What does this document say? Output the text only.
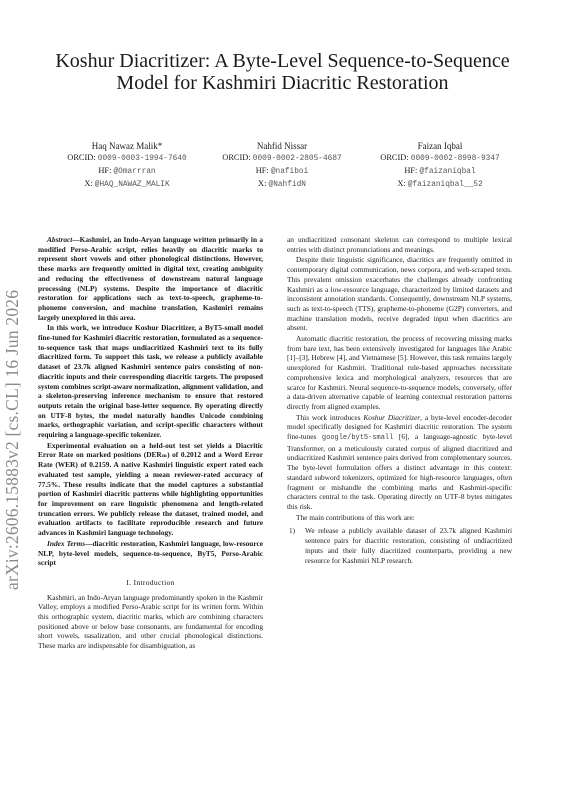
arXiv:2606.15883v2 [cs.CL] 16 Jun 2026
Koshur Diacritizer: A Byte-Level Sequence-to-Sequence Model for Kashmiri Diacritic Restoration
Haq Nawaz Malik*
ORCID: 0009-0003-1994-7640
HF: @Omarrran
X: @HAQ_NAWAZ_MALIK
Nahfid Nissar
ORCID: 0009-0002-2805-4687
HF: @nafiboi
X: @NahfidN
Faizan Iqbal
ORCID: 0009-0002-8998-9347
HF: @faizaniqbal
X: @faizaniqbal__52

Abstract—Kashmiri, an Indo-Aryan language written primarily in a modified Perso-Arabic script, relies heavily on diacritic marks to represent short vowels and other phonological distinctions. However, these marks are frequently omitted in digital text, creating ambiguity and reducing the effectiveness of downstream natural language processing (NLP) systems. Despite the importance of diacritic restoration for applications such as text-to-speech, grapheme-to-phoneme conversion, and machine translation, Kashmiri remains largely unexplored in this area.

In this work, we introduce Koshur Diacritizer, a ByT5-small model fine-tuned for Kashmiri diacritic restoration, formulated as a sequence-to-sequence task that maps undiacritized Kashmiri text to its fully diacritized form. To support this task, we release a publicly available dataset of 23.7k aligned Kashmiri sentence pairs consisting of non-diacritic inputs and their corresponding diacritic targets. The proposed system combines script-aware normalization, alignment validation, and a skeleton-preserving inference mechanism to ensure that restored outputs retain the original base-letter sequence. By operating directly on UTF-8 bytes, the model naturally handles Unicode combining marks, orthographic variation, and script-specific characters without requiring a language-specific tokenizer.

Experimental evaluation on a held-out test set yields a Diacritic Error Rate on marked positions (DERₘ) of 0.2012 and a Word Error Rate (WER) of 0.2159. A native Kashmiri linguistic expert rated each evaluated test sample, yielding a mean reviewer-rated accuracy of 77.5%. These results indicate that the model captures a substantial portion of Kashmiri diacritic patterns while highlighting opportunities for improvement on rare linguistic phenomena and length-related truncation errors. We publicly release the dataset, trained model, and evaluation artifacts to facilitate reproducible research and future advances in Kashmiri language technology.

Index Terms—diacritic restoration, Kashmiri language, low-resource NLP, byte-level models, sequence-to-sequence, ByT5, Perso-Arabic script

I. Introduction

Kashmiri, an Indo-Aryan language predominantly spoken in the Kashmir Valley, employs a modified Perso-Arabic script for its written form. Within this orthographic system, diacritic marks, which are combining characters positioned above or below base consonants, are fundamental for encoding short vowels, nasalization, and other crucial phonological distinctions. These marks are indispensable for disambiguation, as

an undiacritized consonant skeleton can correspond to multiple lexical entries with distinct pronunciations and meanings.

Despite their linguistic significance, diacritics are frequently omitted in contemporary digital communication, news corpora, and web-scraped texts. This prevalent omission exacerbates the challenges already confronting Kashmiri as a low-resource language, characterized by limited datasets and inconsistent annotation standards. Consequently, downstream NLP systems, such as text-to-speech (TTS), grapheme-to-phoneme (G2P) converters, and machine translation models, receive degraded input when diacritics are absent.

Automatic diacritic restoration, the process of recovering missing marks from bare text, has been extensively investigated for languages like Arabic [1]–[3], Hebrew [4], and Vietnamese [5]. However, this task remains largely unexplored for Kashmiri. Traditional rule-based approaches necessitate comprehensive lexica and morphological analyzers, resources that are scarce for Kashmiri. Neural sequence-to-sequence models, conversely, offer a data-driven alternative capable of learning contextual restoration patterns directly from aligned examples.

This work introduces Koshur Diacritizer, a byte-level encoder-decoder model specifically designed for Kashmiri diacritic restoration. The system fine-tunes google/byt5-small [6], a language-agnostic byte-level Transformer, on a meticulously curated corpus of aligned diacritized and undiacritized Kashmiri sentence pairs derived from complementary sources. The byte-level formulation offers a distinct advantage in this context: standard subword tokenizers, optimized for high-resource languages, often fragment or mishandle the combining marks and Kashmiri-specific characters central to the task. Operating directly on UTF-8 bytes mitigates this risk.

The main contributions of this work are:

1)	We release a publicly available dataset of 23.7k aligned Kashmiri sentence pairs for diacritic restoration, consisting of undiacritized inputs and their fully diacritized counterparts, providing a new resource for Kashmiri NLP research.
